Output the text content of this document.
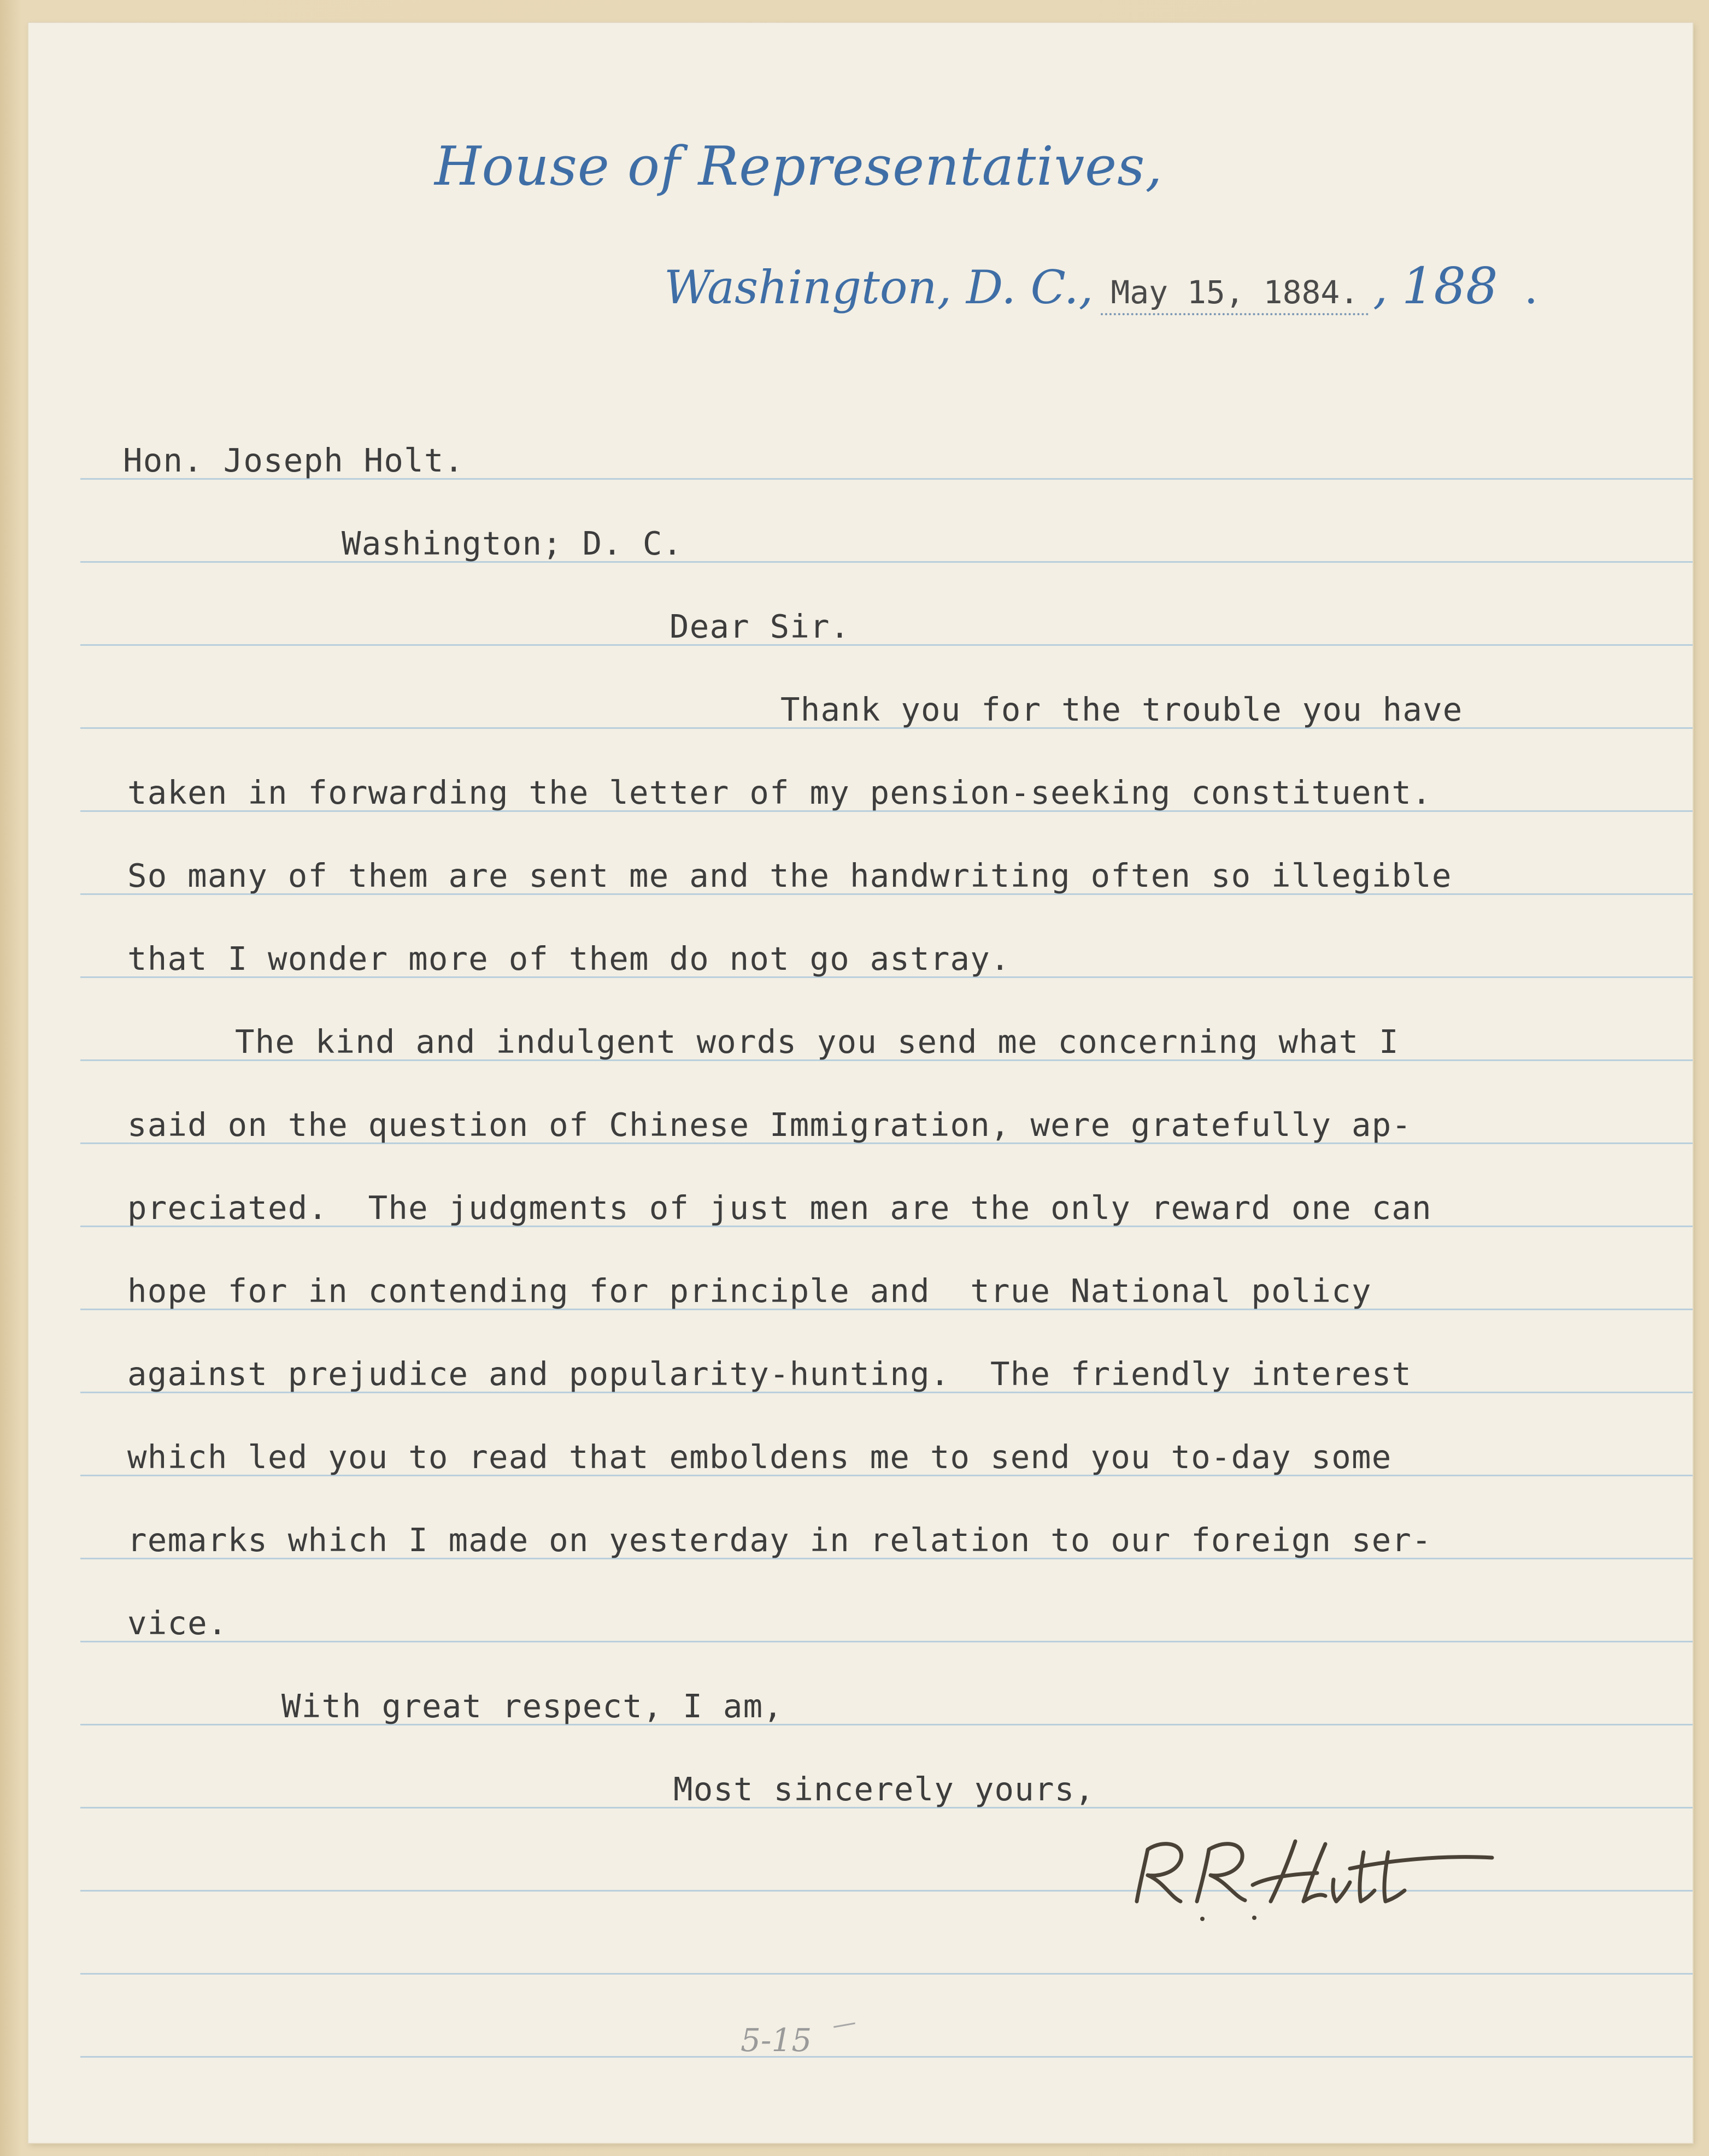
House of Representatives,
Washington, D. C., May 15, 1884. , 188 .
Hon. Joseph Holt.
Washington; D. C.
Dear Sir.
Thank you for the trouble you have
taken in forwarding the letter of my pension-seeking constituent.
So many of them are sent me and the handwriting often so illegible
that I wonder more of them do not go astray.
The kind and indulgent words you send me concerning what I
said on the question of Chinese Immigration, were gratefully ap-
preciated.  The judgments of just men are the only reward one can
hope for in contending for principle and  true National policy
against prejudice and popularity-hunting.  The friendly interest
which led you to read that emboldens me to send you to-day some
remarks which I made on yesterday in relation to our foreign ser-
vice.
With great respect, I am,
Most sincerely yours,
R R Hitt
5-15
